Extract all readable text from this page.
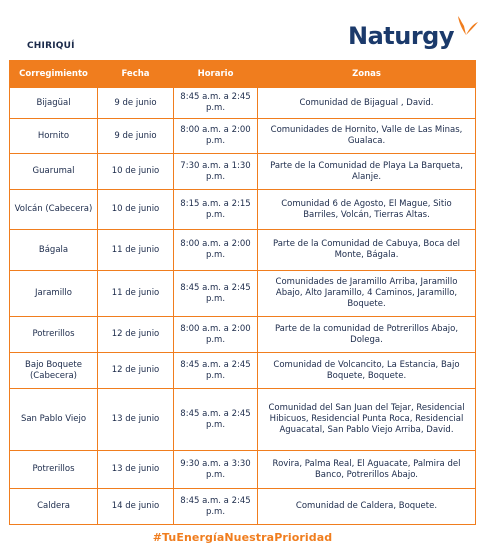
Naturgy
CHIRIQUÍ
Corregimiento	Fecha	Horario	Zonas
Bijagüal	9 de junio	8:45 a.m. a 2:45 p.m.	Comunidad de Bijagual , David.
Hornito	9 de junio	8:00 a.m. a 2:00 p.m.	Comunidades de Hornito, Valle de Las Minas, Gualaca.
Guarumal	10 de junio	7:30 a.m. a 1:30 p.m.	Parte de la Comunidad de Playa La Barqueta, Alanje.
Volcán (Cabecera)	10 de junio	8:15 a.m. a 2:15 p.m.	Comunidad 6 de Agosto, El Mague, Sitio Barriles, Volcán, Tierras Altas.
Bágala	11 de junio	8:00 a.m. a 2:00 p.m.	Parte de la Comunidad de Cabuya, Boca del Monte, Bágala.
Jaramillo	11 de junio	8:45 a.m. a 2:45 p.m.	Comunidades de Jaramillo Arriba, Jaramillo Abajo, Alto Jaramillo, 4 Caminos, Jaramillo, Boquete.
Potrerillos	12 de junio	8:00 a.m. a 2:00 p.m.	Parte de la comunidad de Potrerillos Abajo, Dolega.
Bajo Boquete (Cabecera)	12 de junio	8:45 a.m. a 2:45 p.m.	Comunidad de Volcancito, La Estancia, Bajo Boquete, Boquete.
San Pablo Viejo	13 de junio	8:45 a.m. a 2:45 p.m.	Comunidad del San Juan del Tejar, Residencial Hibicuos, Residencial Punta Roca, Residencial Aguacatal, San Pablo Viejo Arriba, David.
Potrerillos	13 de junio	9:30 a.m. a 3:30 p.m.	Rovira, Palma Real, El Aguacate, Palmira del Banco, Potrerillos Abajo.
Caldera	14 de junio	8:45 a.m. a 2:45 p.m.	Comunidad de Caldera, Boquete.
#TuEnergíaNuestraPrioridad
